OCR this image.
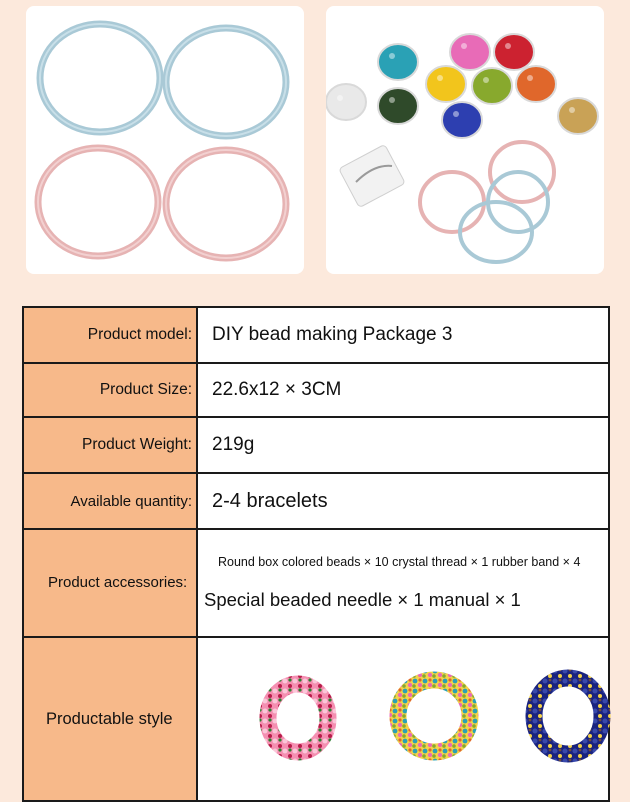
Product model:	DIY bead making Package 3
Product Size:	22.6x12 × 3CM
Product Weight:	219g
Available quantity:	2-4 bracelets
Product accessories:	Round box colored beads × 10 crystal thread × 1 rubber band × 4
Special beaded needle × 1 manual × 1

Productable style	
